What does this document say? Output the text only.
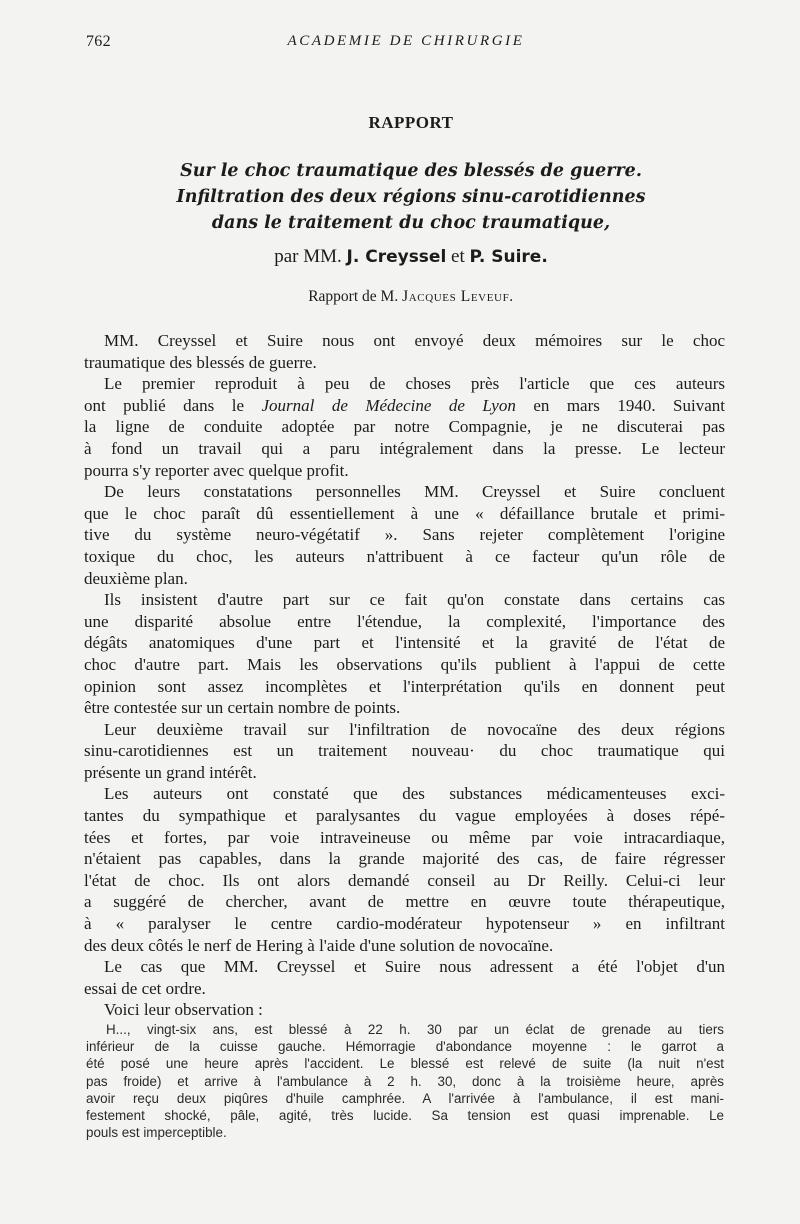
762	ACADEMIE DE CHIRURGIE
RAPPORT
Sur le choc traumatique des blessés de guerre.
Infiltration des deux régions sinu-carotidiennes
dans le traitement du choc traumatique,
par MM. J. Creyssel et P. Suire.
Rapport de M. Jacques Leveuf.
MM. Creyssel et Suire nous ont envoyé deux mémoires sur le choc
traumatique des blessés de guerre.
Le premier reproduit à peu de choses près l'article que ces auteurs
ont publié dans le Journal de Médecine de Lyon en mars 1940. Suivant
la ligne de conduite adoptée par notre Compagnie, je ne discuterai pas
à fond un travail qui a paru intégralement dans la presse. Le lecteur
pourra s'y reporter avec quelque profit.
De leurs constatations personnelles MM. Creyssel et Suire concluent
que le choc paraît dû essentiellement à une « défaillance brutale et primi-
tive du système neuro-végétatif ». Sans rejeter complètement l'origine
toxique du choc, les auteurs n'attribuent à ce facteur qu'un rôle de
deuxième plan.
Ils insistent d'autre part sur ce fait qu'on constate dans certains cas
une disparité absolue entre l'étendue, la complexité, l'importance des
dégâts anatomiques d'une part et l'intensité et la gravité de l'état de
choc d'autre part. Mais les observations qu'ils publient à l'appui de cette
opinion sont assez incomplètes et l'interprétation qu'ils en donnent peut
être contestée sur un certain nombre de points.
Leur deuxième travail sur l'infiltration de novocaïne des deux régions
sinu-carotidiennes est un traitement nouveau· du choc traumatique qui
présente un grand intérêt.
Les auteurs ont constaté que des substances médicamenteuses exci-
tantes du sympathique et paralysantes du vague employées à doses répé-
tées et fortes, par voie intraveineuse ou même par voie intracardiaque,
n'étaient pas capables, dans la grande majorité des cas, de faire régresser
l'état de choc. Ils ont alors demandé conseil au Dr Reilly. Celui-ci leur
a suggéré de chercher, avant de mettre en œuvre toute thérapeutique,
à « paralyser le centre cardio-modérateur hypotenseur » en infiltrant
des deux côtés le nerf de Hering à l'aide d'une solution de novocaïne.
Le cas que MM. Creyssel et Suire nous adressent a été l'objet d'un
essai de cet ordre.
Voici leur observation :
H..., vingt-six ans, est blessé à 22 h. 30 par un éclat de grenade au tiers
inférieur de la cuisse gauche. Hémorragie d'abondance moyenne : le garrot a
été posé une heure après l'accident. Le blessé est relevé de suite (la nuit n'est
pas froide) et arrive à l'ambulance à 2 h. 30, donc à la troisième heure, après
avoir reçu deux piqûres d'huile camphrée. A l'arrivée à l'ambulance, il est mani-
festement shocké, pâle, agité, très lucide. Sa tension est quasi imprenable. Le
pouls est imperceptible.
